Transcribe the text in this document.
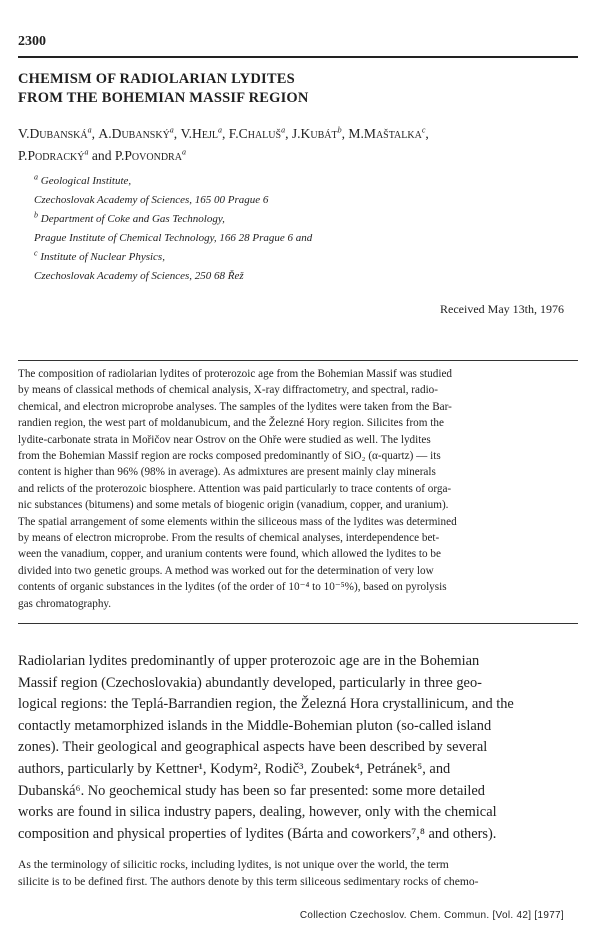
2300
CHEMISM OF RADIOLARIAN LYDITES
FROM THE BOHEMIAN MASSIF REGION
V.Dubanská$^a$, A.Dubanský$^a$, V.Hejl$^a$, F.Chaluš$^a$, J.Kubát$^b$, M.Maštalka$^c$,
P.Podracký$^a$ and P.Povondra$^a$
$^a$ Geological Institute,
Czechoslovak Academy of Sciences, 165 00 Prague 6
$^b$ Department of Coke and Gas Technology,
Prague Institute of Chemical Technology, 166 28 Prague 6 and
$^c$ Institute of Nuclear Physics,
Czechoslovak Academy of Sciences, 250 68 Řež
Received May 13th, 1976
The composition of radiolarian lydites of proterozoic age from the Bohemian Massif was studied
by means of classical methods of chemical analysis, X-ray diffractometry, and spectral, radio-
chemical, and electron microprobe analyses. The samples of the lydites were taken from the Bar-
randien region, the west part of moldanubicum, and the Železné Hory region. Silicites from the
lydite-carbonate strata in Mořičov near Ostrov on the Ohře were studied as well. The lydites
from the Bohemian Massif region are rocks composed predominantly of SiO₂ (α-quartz) — its
content is higher than 96% (98% in average). As admixtures are present mainly clay minerals
and relicts of the proterozoic biosphere. Attention was paid particularly to trace contents of orga-
nic substances (bitumens) and some metals of biogenic origin (vanadium, copper, and uranium).
The spatial arrangement of some elements within the siliceous mass of the lydites was determined
by means of electron microprobe. From the results of chemical analyses, interdependence bet-
ween the vanadium, copper, and uranium contents were found, which allowed the lydites to be
divided into two genetic groups. A method was worked out for the determination of very low
contents of organic substances in the lydites (of the order of 10⁻⁴ to 10⁻⁵%), based on pyrolysis
gas chromatography.
Radiolarian lydites predominantly of upper proterozoic age are in the Bohemian
Massif region (Czechoslovakia) abundantly developed, particularly in three geo-
logical regions: the Teplá-Barrandien region, the Železná Hora crystallinicum, and the
contactly metamorphized islands in the Middle-Bohemian pluton (so-called island
zones). Their geological and geographical aspects have been described by several
authors, particularly by Kettner¹, Kodym², Rodič³, Zoubek⁴, Petránek⁵, and
Dubanská⁶. No geochemical study has been so far presented: some more detailed
works are found in silica industry papers, dealing, however, only with the chemical
composition and physical properties of lydites (Bárta and coworkers⁷,⁸ and others).
As the terminology of silicitic rocks, including lydites, is not unique over the world, the term
silicite is to be defined first. The authors denote by this term siliceous sedimentary rocks of chemo-
Collection Czechoslov. Chem. Commun. [Vol. 42] [1977]
